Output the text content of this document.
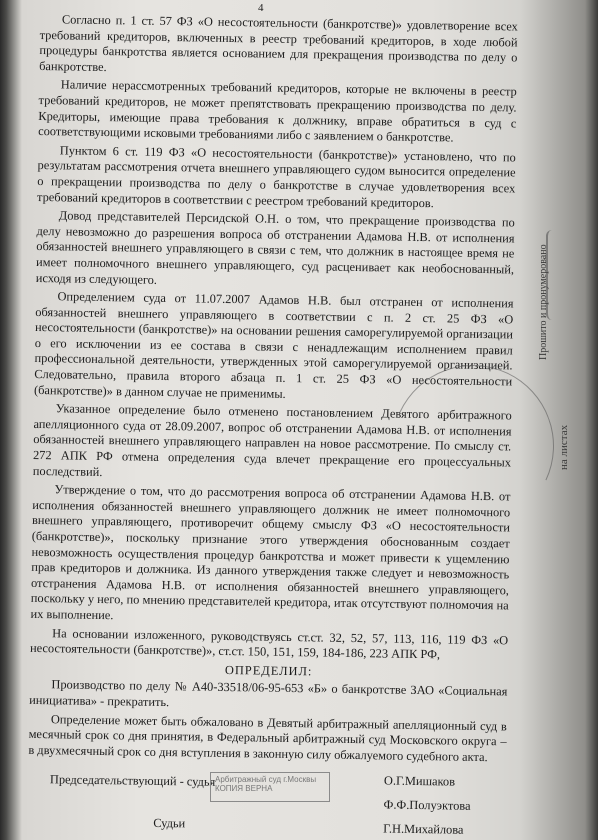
4

Согласно п. 1 ст. 57 ФЗ «О несостоятельности (банкротстве)» удовлетворение всех требований кредиторов, включенных в реестр требований кредиторов, в ходе любой процедуры банкротства является основанием для прекращения производства по делу о банкротстве.

Наличие нерассмотренных требований кредиторов, которые не включены в реестр требований кредиторов, не может препятствовать прекращению производства по делу. Кредиторы, имеющие права требования к должнику, вправе обратиться в суд с соответствующими исковыми требованиями либо с заявлением о банкротстве.

Пунктом 6 ст. 119 ФЗ «О несостоятельности (банкротстве)» установлено, что по результатам рассмотрения отчета внешнего управляющего судом выносится определение о прекращении производства по делу о банкротстве в случае удовлетворения всех требований кредиторов в соответствии с реестром требований кредиторов.

Довод представителей Персидской О.Н. о том, что прекращение производства по делу невозможно до разрешения вопроса об отстранении Адамова Н.В. от исполнения обязанностей внешнего управляющего в связи с тем, что должник в настоящее время не имеет полномочного внешнего управляющего, суд расценивает как необоснованный, исходя из следующего.

Определением суда от 11.07.2007 Адамов Н.В. был отстранен от исполнения обязанностей внешнего управляющего в соответствии с п. 2 ст. 25 ФЗ «О несостоятельности (банкротстве)» на основании решения саморегулируемой организации о его исключении из ее состава в связи с ненадлежащим исполнением правил профессиональной деятельности, утвержденных этой саморегулируемой организацией. Следовательно, правила второго абзаца п. 1 ст. 25 ФЗ «О несостоятельности (банкротстве)» в данном случае не применимы.

Указанное определение было отменено постановлением Девятого арбитражного апелляционного суда от 28.09.2007, вопрос об отстранении Адамова Н.В. от исполнения обязанностей внешнего управляющего направлен на новое рассмотрение. По смыслу ст. 272 АПК РФ отмена определения суда влечет прекращение его процессуальных последствий.

Утверждение о том, что до рассмотрения вопроса об отстранении Адамова Н.В. от исполнения обязанностей внешнего управляющего должник не имеет полномочного внешнего управляющего, противоречит общему смыслу ФЗ «О несостоятельности (банкротстве)», поскольку признание этого утверждения обоснованным создает невозможность осуществления процедур банкротства и может привести к ущемлению прав кредиторов и должника. Из данного утверждения также следует и невозможность отстранения Адамова Н.В. от исполнения обязанностей внешнего управляющего, поскольку у него, по мнению представителей кредитора, итак отсутствуют полномочия на их выполнение.

На основании изложенного, руководствуясь ст.ст. 32, 52, 57, 113, 116, 119 ФЗ «О несостоятельности (банкротстве)», ст.ст. 150, 151, 159, 184-186, 223 АПК РФ,

ОПРЕДЕЛИЛ:

Производство по делу № А40-33518/06-95-653 «Б» о банкротстве ЗАО «Социальная инициатива» - прекратить.

Определение может быть обжаловано в Девятый арбитражный апелляционный суд в месячный срок со дня принятия, в Федеральный арбитражный суд Московского округа – в двухмесячный срок со дня вступления в законную силу обжалуемого судебного акта.

Председательствующий - судья
Судьи
О.Г.Мишаков
Ф.Ф.Полуэктова
Г.Н.Михайлова
Прошито и пронумеровано
на листах
Арбитражный суд г.Москвы
КОПИЯ ВЕРНА
